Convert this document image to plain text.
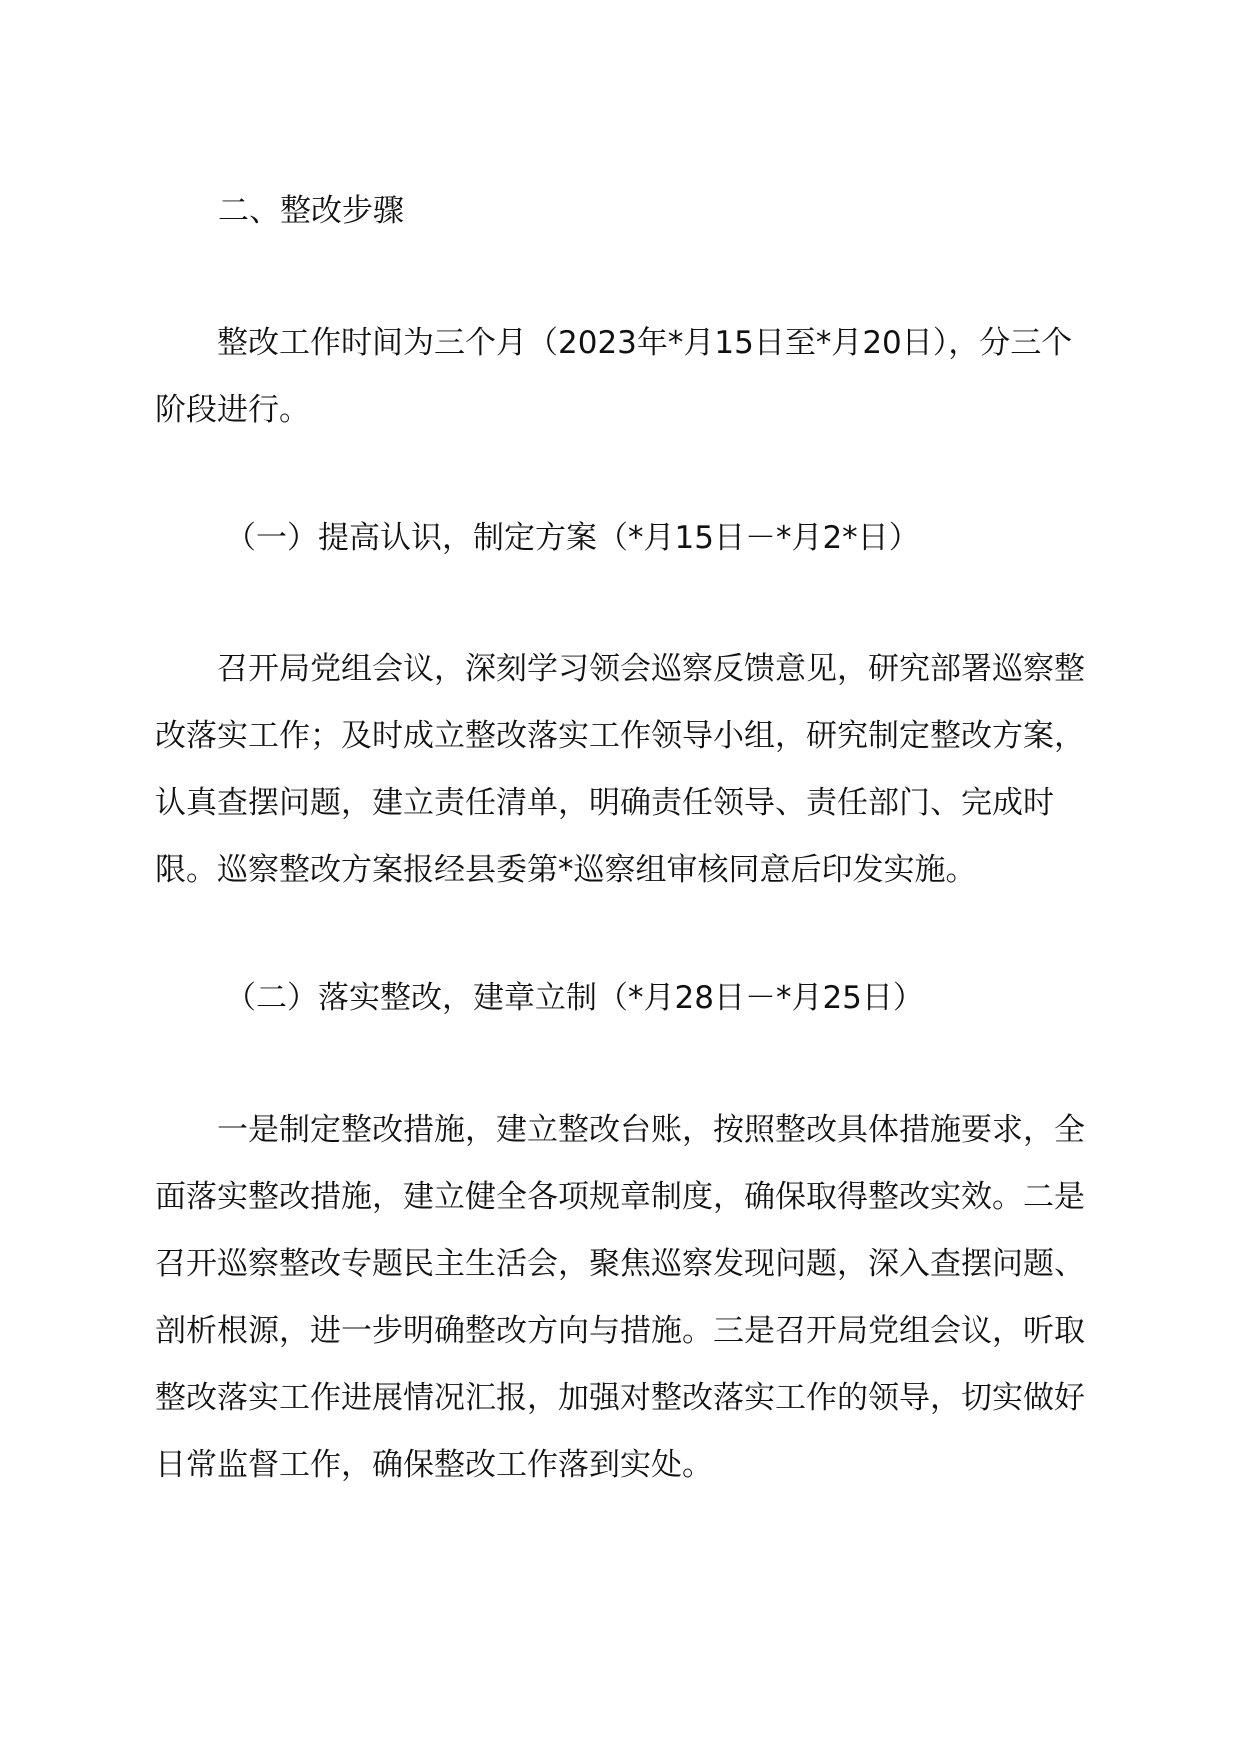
二、整改步骤

整改工作时间为三个月（2023年*月15日至*月20日），分三个阶段进行。

（一）提高认识，制定方案（*月15日－*月2*日）

召开局党组会议，深刻学习领会巡察反馈意见，研究部署巡察整改落实工作；及时成立整改落实工作领导小组，研究制定整改方案，认真查摆问题，建立责任清单，明确责任领导、责任部门、完成时限。巡察整改方案报经县委第*巡察组审核同意后印发实施。

（二）落实整改，建章立制（*月28日－*月25日）

一是制定整改措施，建立整改台账，按照整改具体措施要求，全面落实整改措施，建立健全各项规章制度，确保取得整改实效。二是召开巡察整改专题民主生活会，聚焦巡察发现问题，深入查摆问题、剖析根源，进一步明确整改方向与措施。三是召开局党组会议，听取整改落实工作进展情况汇报，加强对整改落实工作的领导，切实做好日常监督工作，确保整改工作落到实处。
